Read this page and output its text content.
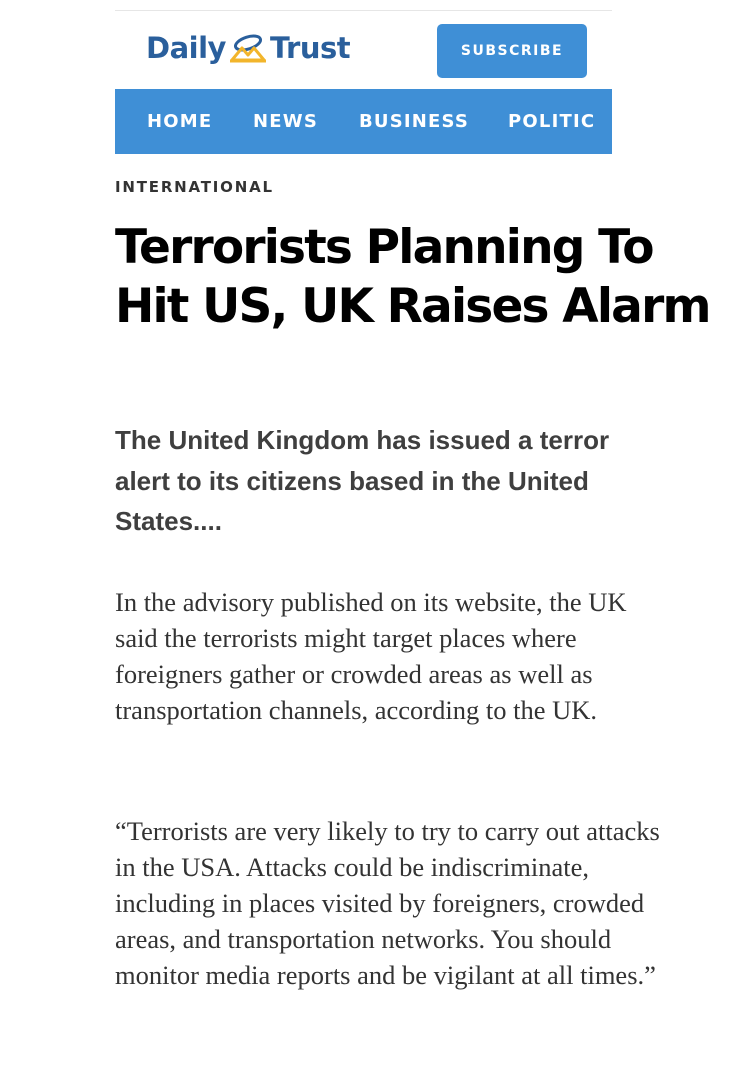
Daily Trust	SUBSCRIBE
HOME NEWS BUSINESS POLITIC
INTERNATIONAL
Terrorists Planning To Hit US, UK Raises Alarm

The United Kingdom has issued a terror alert to its citizens based in the United States....

In the advisory published on its website, the UK said the terrorists might target places where foreigners gather or crowded areas as well as transportation channels, according to the UK.

“Terrorists are very likely to try to carry out attacks in the USA. Attacks could be indiscriminate, including in places visited by foreigners, crowded areas, and transportation networks. You should monitor media reports and be vigilant at all times.”
